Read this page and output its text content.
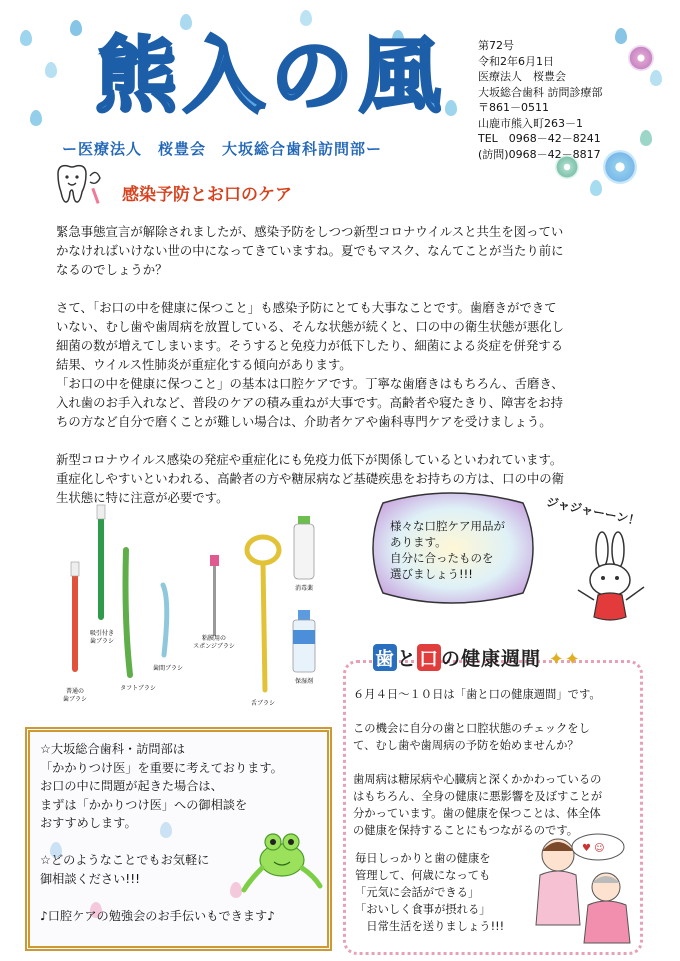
熊入の風
ー医療法人　桜豊会　大坂総合歯科訪問部ー
第72号
令和2年6月1日
医療法人　桜豊会
大坂総合歯科 訪問診療部
〒861－0511
山鹿市熊入町263－1
TEL　0968－42－8241
(訪問)0968－42－8817
感染予防とお口のケア

緊急事態宣言が解除されましたが、感染予防をしつつ新型コロナウイルスと共生を図ってい
かなければいけない世の中になってきていますね。夏でもマスク、なんてことが当たり前に
なるのでしょうか？

さて、「お口の中を健康に保つこと」も感染予防にとても大事なことです。歯磨きができて
いない、むし歯や歯周病を放置している、そんな状態が続くと、口の中の衛生状態が悪化し
細菌の数が増えてしまいます。そうすると免疫力が低下したり、細菌による炎症を併発する
結果、ウイルス性肺炎が重症化する傾向があります。
「お口の中を健康に保つこと」の基本は口腔ケアです。丁寧な歯磨きはもちろん、舌磨き、
入れ歯のお手入れなど、普段のケアの積み重ねが大事です。高齢者や寝たきり、障害をお持
ちの方など自分で磨くことが難しい場合は、介助者ケアや歯科専門ケアを受けましょう。

新型コロナウイルス感染の発症や重症化にも免疫力低下が関係しているといわれています。
重症化しやすいといわれる、高齢者の方や糖尿病など基礎疾患をお持ちの方は、口の中の衛
生状態に特に注意が必要です。

普通の歯ブラシ
吸引付き歯ブラシ
タフトブラシ
歯間ブラシ
粘膜用のスポンジブラシ
舌ブラシ
消毒薬
保湿剤
様々な口腔ケア用品が
あります。
自分に合ったものを
選びましょう!!!
ジャジャーーン！
歯 と 口 の健康週間 ✦✦

６月４日～１０日は「歯と口の健康週間」です。

この機会に自分の歯と口腔状態のチェックをし
て、むし歯や歯周病の予防を始めませんか？

歯周病は糖尿病や心臓病と深くかかわっているの
はもちろん、全身の健康に悪影響を及ぼすことが
分かっています。歯の健康を保つことは、体全体
の健康を保持することにもつながるのです。

毎日しっかりと歯の健康を
管理して、何歳になっても
「元気に会話ができる」
「おいしく食事が摂れる」
　日常生活を送りましょう!!!
♥ ☺

☆大坂総合歯科・訪問部は
「かかりつけ医」を重要に考えております。
お口の中に問題が起きた場合は、
まずは「かかりつけ医」への御相談を
おすすめします。

☆どのようなことでもお気軽に
御相談ください!!!

♪口腔ケアの勉強会のお手伝いもできます♪
